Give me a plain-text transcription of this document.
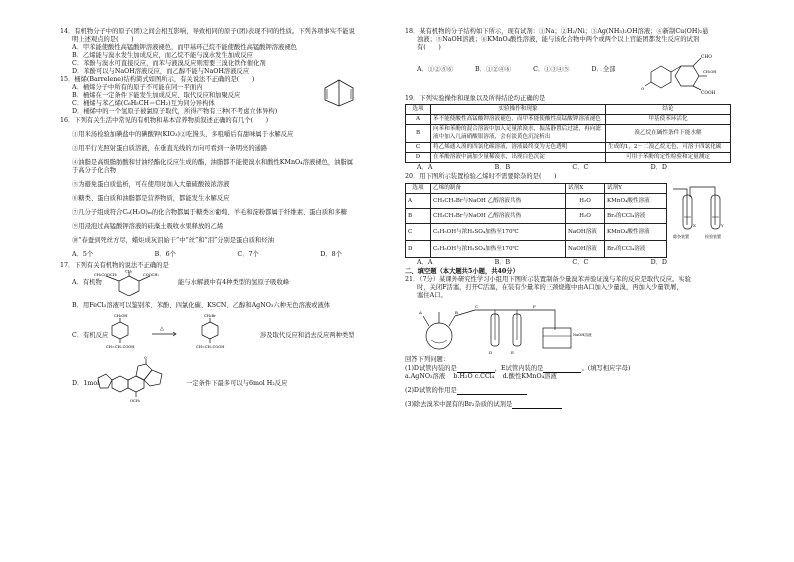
14．有机物分子中的原子(团)之间会相互影响，导致相同的原子(团)表现不同的性质。下列各项事实不能说

明上述观点的是(　　)

A．甲苯能使酸性高锰酸钾溶液褪色，而甲基环己烷不能使酸性高锰酸钾溶液褪色

B．乙烯能与溴水发生加成反应，而乙烷不能与溴水发生加成反应

C．苯酚与溴水可直接反应，而苯与液溴反应则需要三溴化铁作催化剂

D．苯酚可以与NaOH溶液反应，而乙醇不能与NaOH溶液反应

15．桶烯(Barrelene)结构简式如图所示，有关说法不正确的是(　　)

A．桶烯分子中所有的原子不可能在同一平面内

B．桶烯在一定条件下能发生加成反应、取代反应和加聚反应

C．桶烯与苯乙烯(C₆H₅CH＝CH₂)互为同分异构体

D．桶烯中的一个氢原子被氯原子取代，所得产物有三种(不考虑立体异构)

16．下列有关生活中常见的有机物和基本营养物质叙述正确的有几个(　　)

①用米汤检验加碘盐中的碘酸钾(KIO₃)②吃馒头，多咀嚼后有甜味属于水解反应

③用平行光照射蛋白质溶液，在垂直光线的方向可看到一条明亮的通路

④油脂是高级脂肪酸和甘油经酯化反应生成的酯，油脂都不能使溴水和酸性KMnO₄溶液褪色，油脂属

于高分子化合物

⑤为避免蛋白质盐析，可在使用时加入大量硫酸铵浓溶液

⑥糖类、蛋白质和油脂都是营养物质，都能发生水解反应

⑦几分子组成符合Cₙ(H₂O)ₘ的化合物都属于糖类⑧葡萄、羊毛和淀粉都属于纤维素、蛋白质和多糖

⑨用浸泡过高锰酸钾溶液的硅藻土吸收水果释放的乙烯

⑩“春蚕到死丝方尽，蜡炬成灰泪始干”中“丝”和“泪”分别是蛋白质和烃油

A．5个	B．6个	C．7个	D．8个

17．下列有关有机物的说法不正确的是

A．有机物
CH₂COOCH₃	COOCH₃
CH₃
能与水解液中有4种类型的氢原子吸收峰

B．用FeCl₃溶液可以鉴别苯、苯酚、四氯化碳、KSCN、乙醇和AgNO₃六种无色溶液或液体

C．有机反应
CH₂OH
CH=CH–COOH
△
CH₂Br
CH=CH–COOH
涉及取代反应和消去反应两种类型
D．1mol
O
OCH₃
一定条件下最多可以与6mol H₂反应

18．某有机物的分子结构如下所示，现有试剂：①Na；②H₂/Ni；③Ag(NH₃)₂OH溶液；④新制Cu(OH)₂悬

浊液；⑤NaOH溶液；⑥KMnO₄酸性溶液，能与该化合物中两个或两个以上官能团都发生反应的试剂

有(　　)

A．①②⑤⑥	B．①②④⑥	C．①③④⑤	D．全部
O
CHO
CH₂OH
COOH

19．下列实验操作和现象以及所得结论均正确的是

选项	实验操作和现象	结论
A	苯不能使酸性高锰酸钾溶液褪色，而甲苯能使酸性高锰酸钾溶液褪色	甲基使苯环活化
B	向苯和苯酚的混合溶液中加入足量浓溴水，振荡静置后过滤，再向滤液中加入几滴硝酸银溶液，会有淡黄色沉淀析出	溴乙烷在碱性条件下能水解
C	将乙烯通入溴的四氯化碳溶液，溶液最终变为无色透明	生成的1，2－二溴乙烷无色，可溶于四氯化碳
D	在苯酚溶液中滴加少量稀溴水，出现白色沉淀	可用于苯酚的定性检验和定量测定
A．A	B．B	C．C	D．D

20．用下图所示装置检验乙烯时不需要除杂的是(　　)

选项	乙烯的制备	试剂X	试剂Y
A	CH₃CH₂Br与NaOH 乙醇溶液共热	H₂O	KMnO₄酸性溶液
B	CH₃CH₂Br与NaOH 乙醇溶液共热	H₂O	Br₂的CCl₄溶液
C	C₂H₅OH与浓H₂SO₄加热至170℃	NaOH溶液	KMnO₄酸性溶液
D	C₂H₅OH与浓H₂SO₄加热至170℃	NaOH溶液	Br₂的CCl₄溶液
X	Y
除杂装置	检验装置
A．A	B．B	C．C	D．D

二、填空题（本大题共5小题，共40分）

21．（7分）某课外研究性学习小组用下图所示装置制备少量溴苯并验证溴与苯的反应是取代反应。实验

时，关闭F活塞，打开C活塞，在装有少量苯的三颈烧瓶中由A口加入少量溴，再加入少量铁屑，

塞住A口。

A	B
C
D	E
F
NaOH溶液

回答下列问题：

(1)D试管内装的是	，E试管内装的是	。(填写相应字母)

a.AgNO₃溶液　 b.H₂O c.CCl₄　 d.酸性KMnO₄溶液

(2)D试管的作用是

(3)除去溴苯中混有的Br₂杂质的试剂是
